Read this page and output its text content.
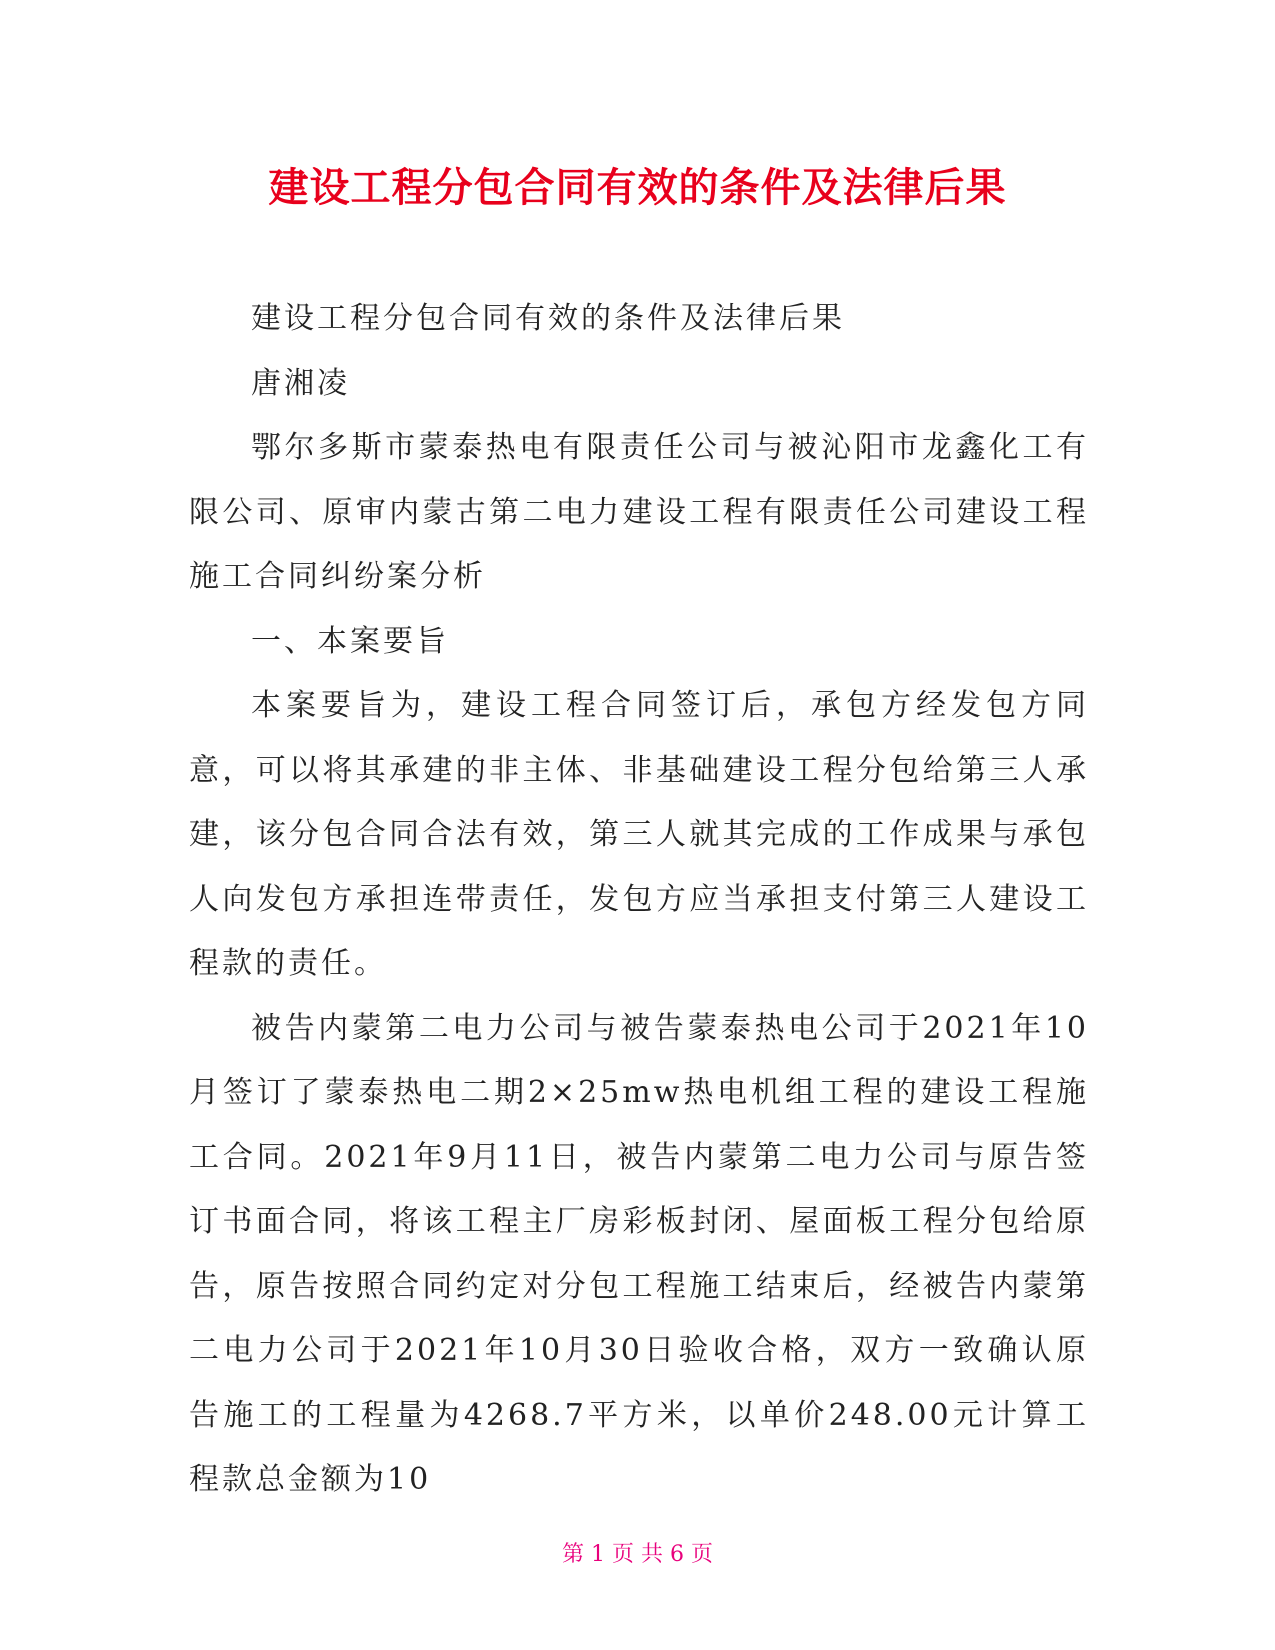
建设工程分包合同有效的条件及法律后果

建设工程分包合同有效的条件及法律后果

唐湘凌

鄂尔多斯市蒙泰热电有限责任公司与被沁阳市龙鑫化工有限公司、原审内蒙古第二电力建设工程有限责任公司建设工程施工合同纠纷案分析

一、本案要旨

本案要旨为，建设工程合同签订后，承包方经发包方同意，可以将其承建的非主体、非基础建设工程分包给第三人承建，该分包合同合法有效，第三人就其完成的工作成果与承包人向发包方承担连带责任，发包方应当承担支付第三人建设工程款的责任。

被告内蒙第二电力公司与被告蒙泰热电公司于2021年10月签订了蒙泰热电二期2×25mw热电机组工程的建设工程施工合同。2021年9月11日，被告内蒙第二电力公司与原告签订书面合同，将该工程主厂房彩板封闭、屋面板工程分包给原告，原告按照合同约定对分包工程施工结束后，经被告内蒙第二电力公司于2021年10月30日验收合格，双方一致确认原告施工的工程量为4268.7平方米，以单价248.00元计算工程款总金额为10

第 1 页 共 6 页
